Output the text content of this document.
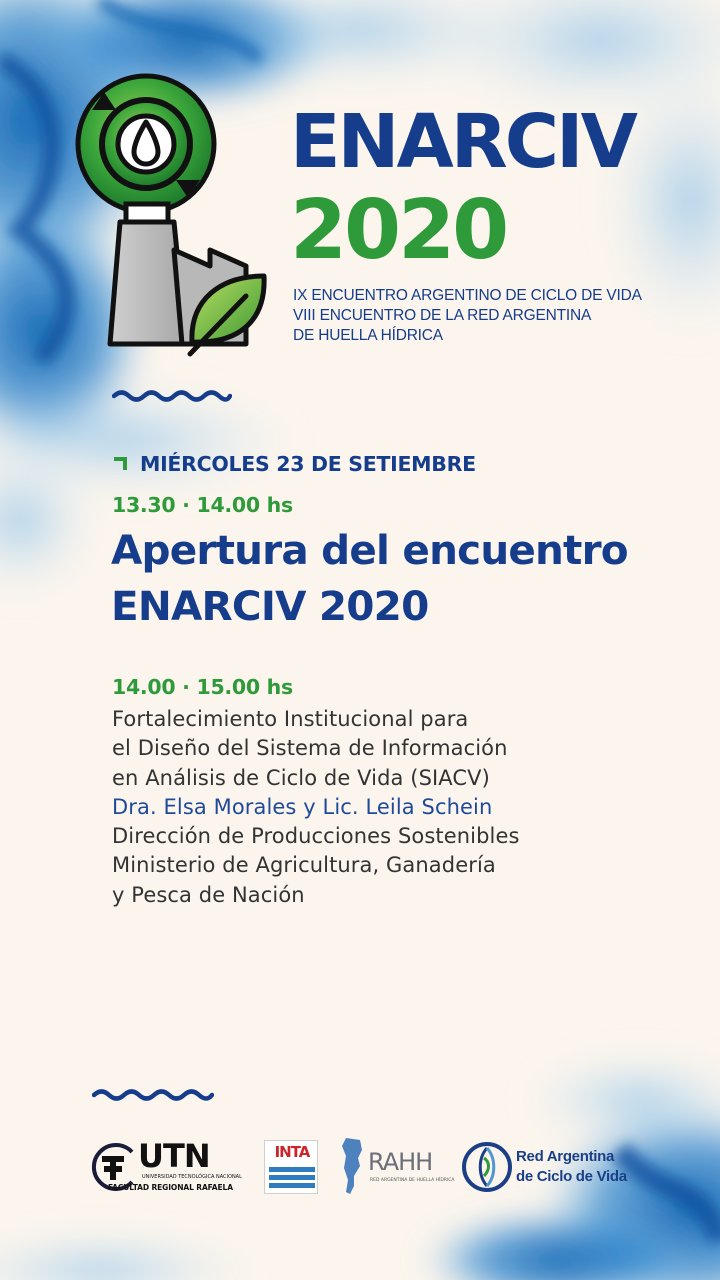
ENARCIV
2020
IX ENCUENTRO ARGENTINO DE CICLO DE VIDA
VIII ENCUENTRO DE LA RED ARGENTINA
DE HUELLA HÍDRICA
MIÉRCOLES 23 DE SETIEMBRE
13.30 · 14.00 hs
Apertura del encuentro
ENARCIV 2020
14.00 · 15.00 hs
Fortalecimiento Institucional para
el Diseño del Sistema de Información
en Análisis de Ciclo de Vida (SIACV)
Dra. Elsa Morales y Lic. Leila Schein
Dirección de Producciones Sostenibles
Ministerio de Agricultura, Ganadería
y Pesca de Nación
UTN
UNIVERSIDAD TECNOLÓGICA NACIONAL
FACULTAD REGIONAL RAFAELA
INTA RAHH
RED ARGENTINA DE HUELLA HÍDRICA
Red Argentina
de Ciclo de Vida
